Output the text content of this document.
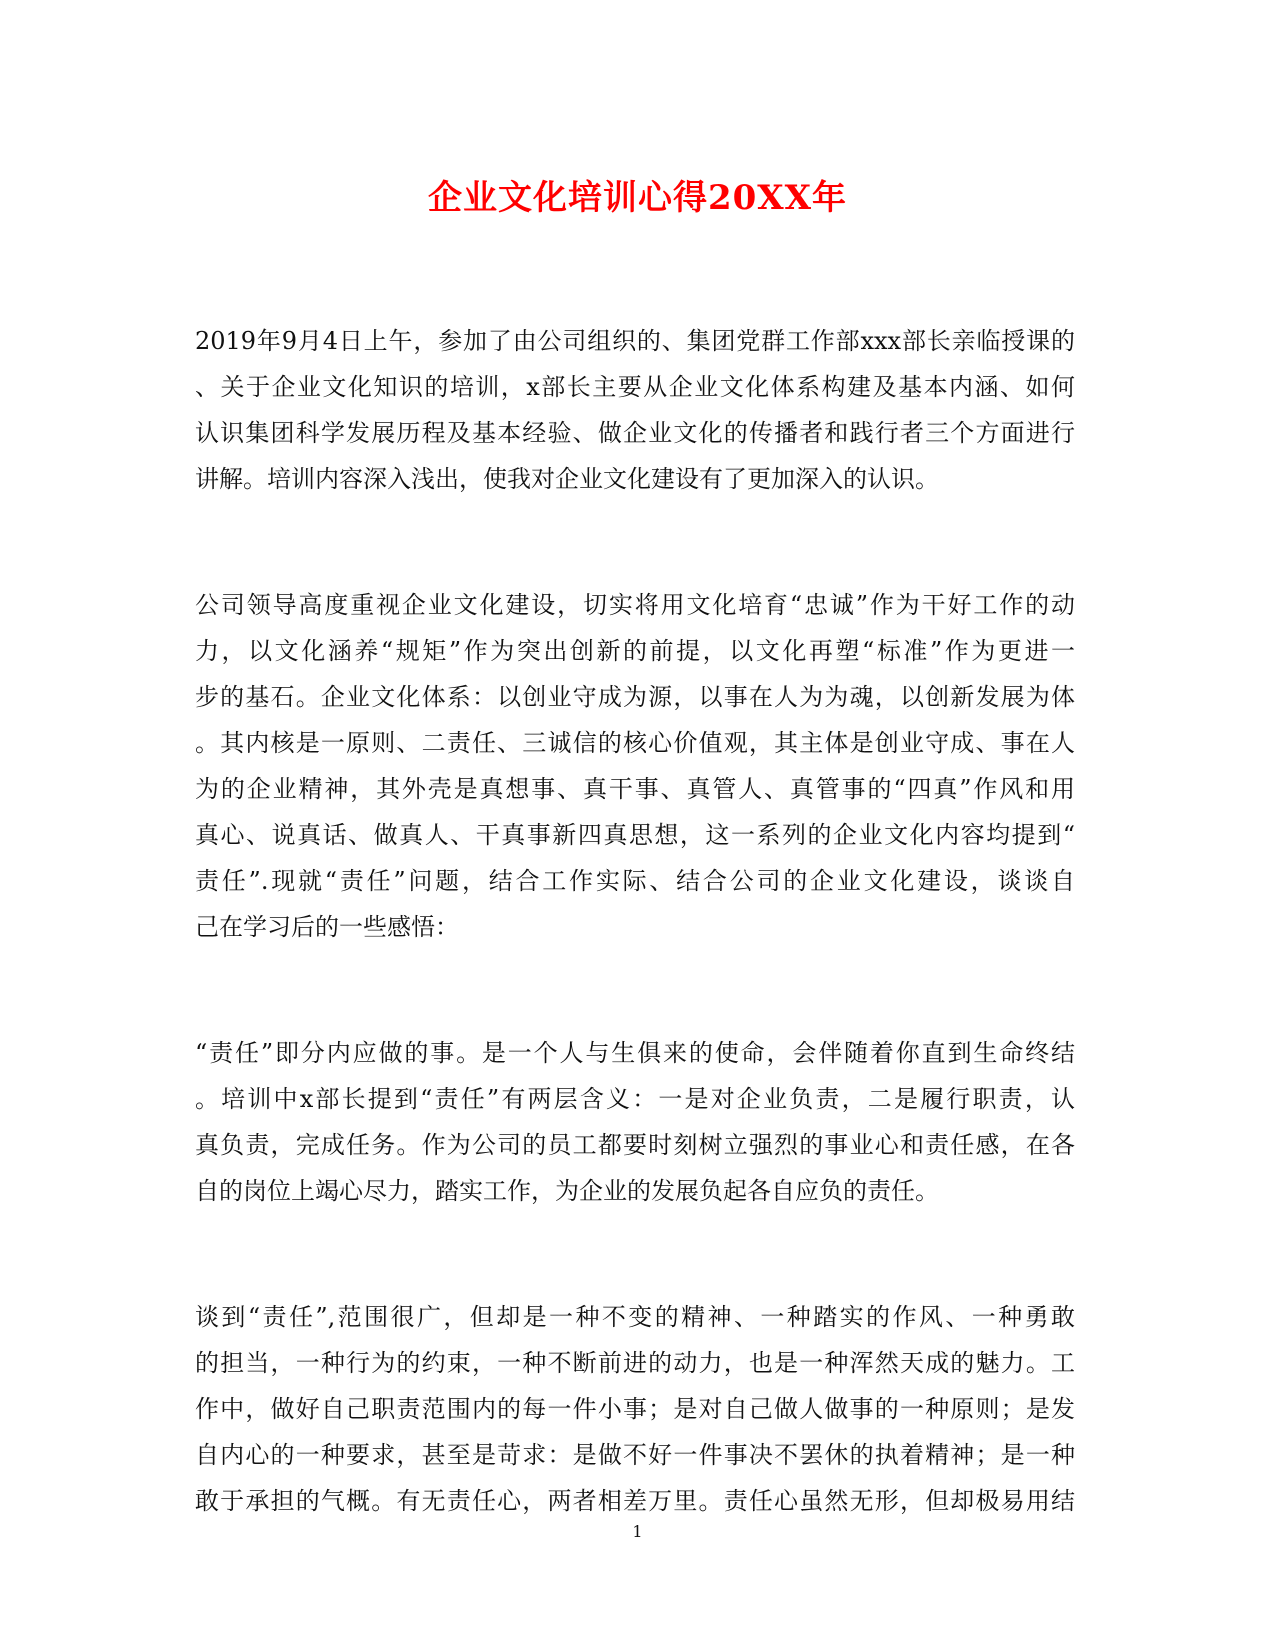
企业文化培训心得20XX年
2019年9月4日上午，参加了由公司组织的、集团党群工作部xxx部长亲临授课的
、关于企业文化知识的培训，x部长主要从企业文化体系构建及基本内涵、如何
认识集团科学发展历程及基本经验、做企业文化的传播者和践行者三个方面进行
讲解。培训内容深入浅出，使我对企业文化建设有了更加深入的认识。
公司领导高度重视企业文化建设，切实将用文化培育“忠诚”作为干好工作的动
力，以文化涵养“规矩”作为突出创新的前提，以文化再塑“标准”作为更进一
步的基石。企业文化体系：以创业守成为源，以事在人为为魂，以创新发展为体
。其内核是一原则、二责任、三诚信的核心价值观，其主体是创业守成、事在人
为的企业精神，其外壳是真想事、真干事、真管人、真管事的“四真”作风和用
真心、说真话、做真人、干真事新四真思想，这一系列的企业文化内容均提到“
责任”.现就“责任”问题，结合工作实际、结合公司的企业文化建设，谈谈自
己在学习后的一些感悟：
“责任”即分内应做的事。是一个人与生俱来的使命，会伴随着你直到生命终结
。培训中x部长提到“责任”有两层含义：一是对企业负责，二是履行职责，认
真负责，完成任务。作为公司的员工都要时刻树立强烈的事业心和责任感，在各
自的岗位上竭心尽力，踏实工作，为企业的发展负起各自应负的责任。
谈到“责任”,范围很广，但却是一种不变的精神、一种踏实的作风、一种勇敢
的担当，一种行为的约束，一种不断前进的动力，也是一种浑然天成的魅力。工
作中，做好自己职责范围内的每一件小事；是对自己做人做事的一种原则；是发
自内心的一种要求，甚至是苛求：是做不好一件事决不罢休的执着精神；是一种
敢于承担的气概。有无责任心，两者相差万里。责任心虽然无形，但却极易用结
1
